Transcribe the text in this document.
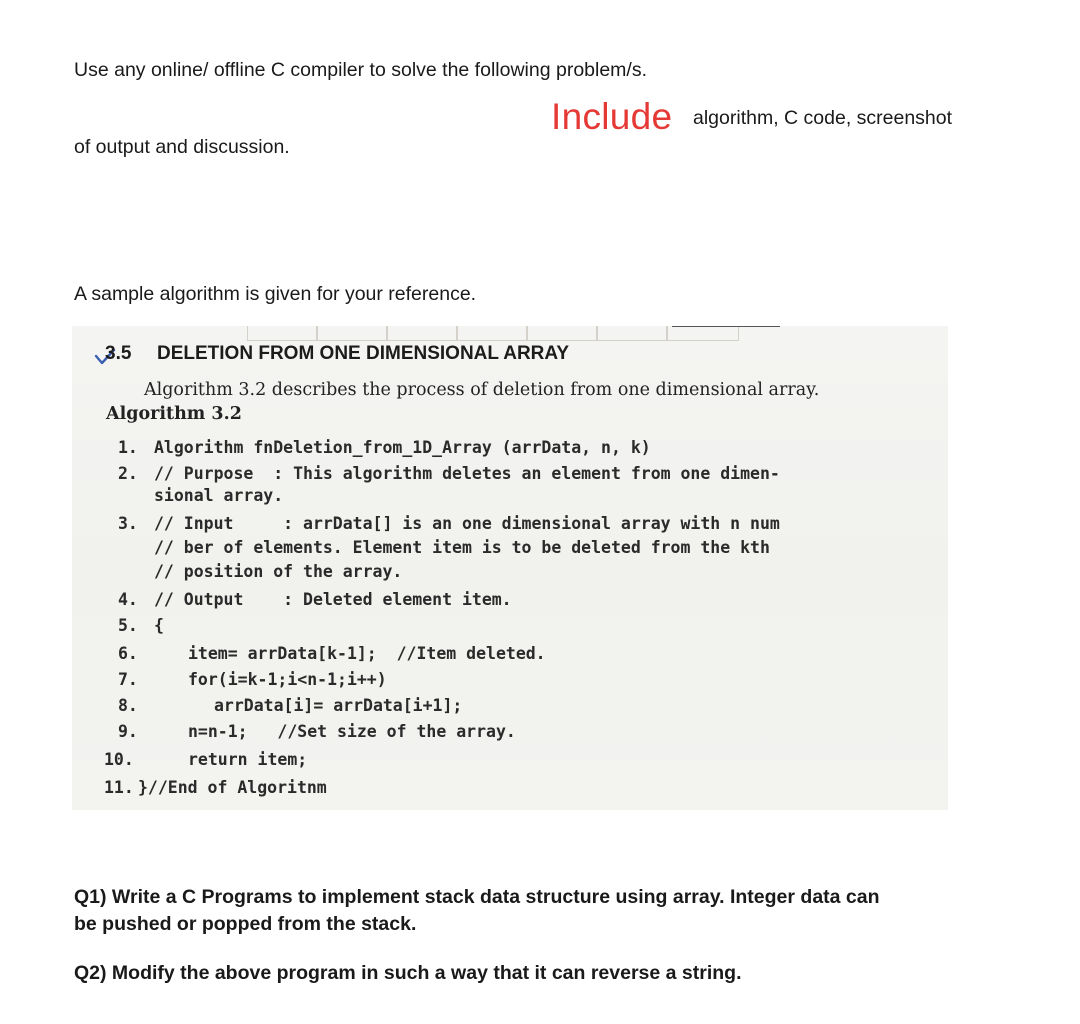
Use any online/ offline C compiler to solve the following problem/s.
Include algorithm, C code, screenshot
of output and discussion.
A sample algorithm is given for your reference.
3.5 DELETION FROM ONE DIMENSIONAL ARRAY
Algorithm 3.2 describes the process of deletion from one dimensional array.
Algorithm 3.2
1. Algorithm fnDeletion_from_1D_Array (arrData, n, k)
2. // Purpose  : This algorithm deletes an element from one dimen-
sional array.
3. // Input     : arrData[] is an one dimensional array with n num
// ber of elements. Element item is to be deleted from the kth
// position of the array.
4. // Output    : Deleted element item.
5. {
6.	item= arrData[k-1];  //Item deleted.
7.	for(i=k-1;i<n-1;i++)
8.	arrData[i]= arrData[i+1];
9.	n=n-1;   //Set size of the array.
10.	return item;
11. }//End of Algoritnm
Q1) Write a C Programs to implement stack data structure using array. Integer data can
be pushed or popped from the stack.
Q2) Modify the above program in such a way that it can reverse a string.
